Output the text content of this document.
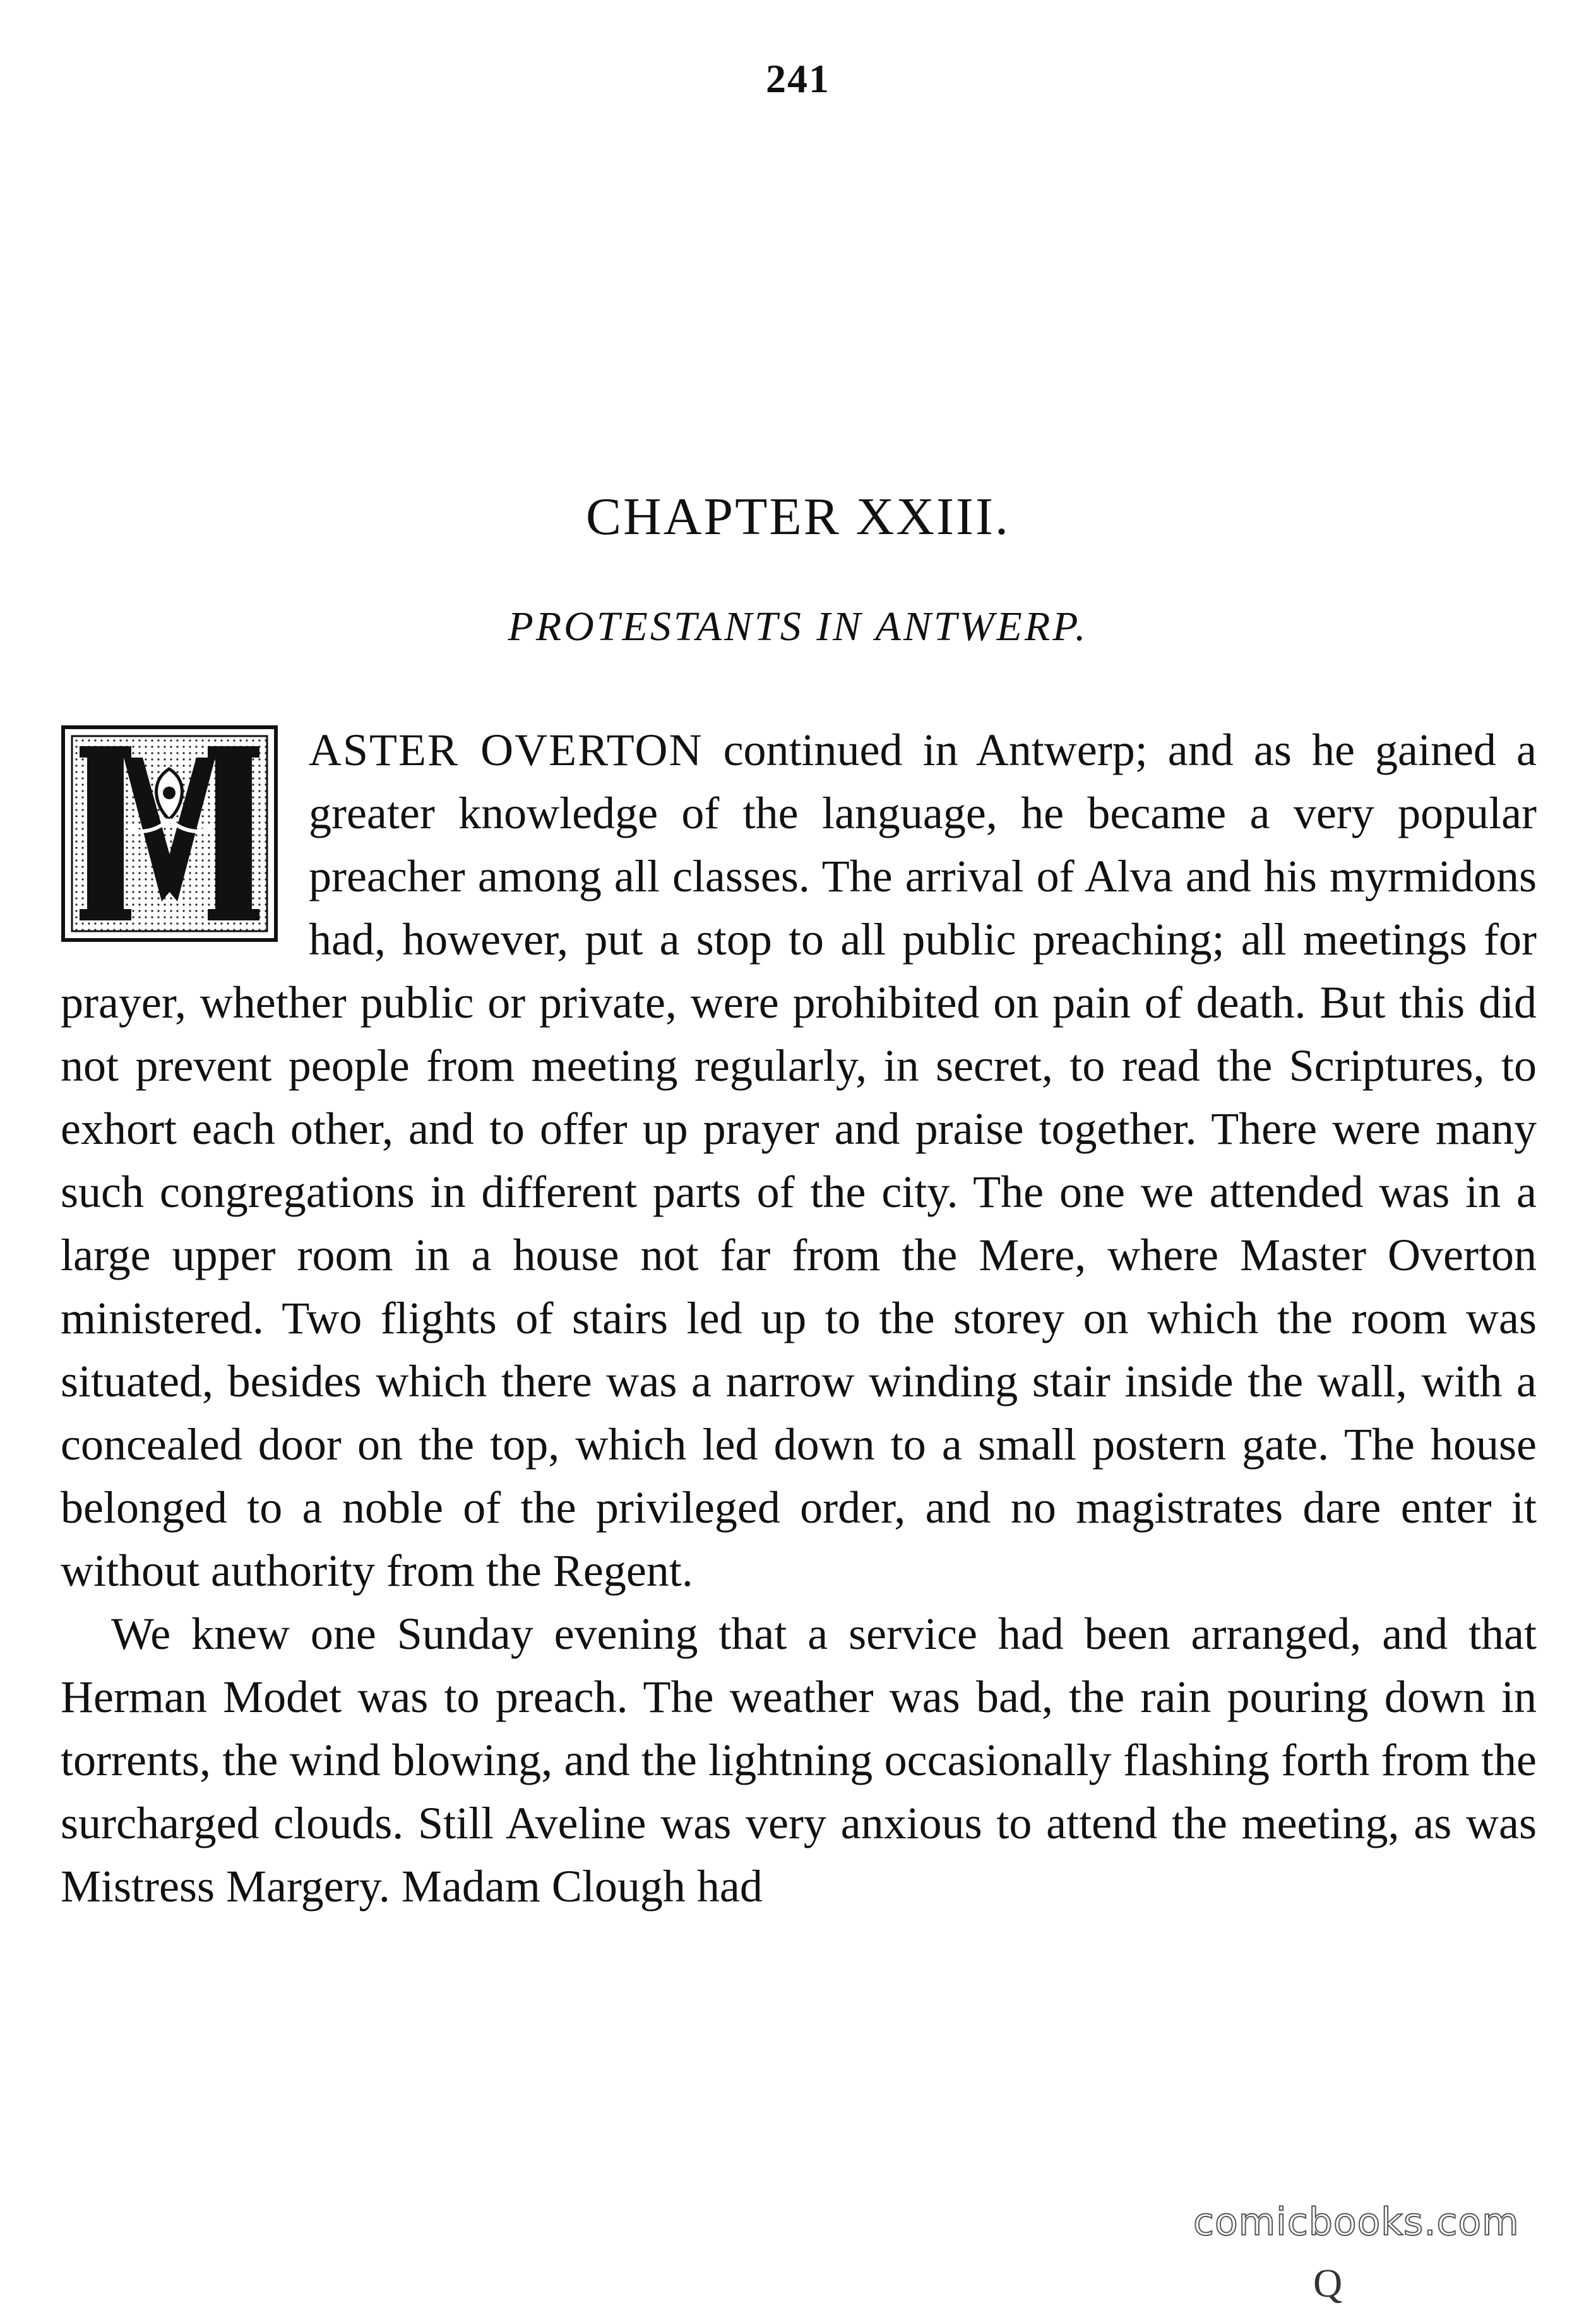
241
CHAPTER XXIII.
PROTESTANTS IN ANTWERP.

ASTER OVERTON continued in Antwerp; and as he gained a greater knowledge of the language, he became a very popular preacher among all classes. The arrival of Alva and his myrmidons had, however, put a stop to all public preaching; all meetings for prayer, whether public or private, were prohibited on pain of death. But this did not prevent people from meeting regularly, in secret, to read the Scriptures, to exhort each other, and to offer up prayer and praise together. There were many such congregations in different parts of the city. The one we attended was in a large upper room in a house not far from the Mere, where Master Overton ministered. Two flights of stairs led up to the storey on which the room was situated, besides which there was a narrow winding stair inside the wall, with a concealed door on the top, which led down to a small postern gate. The house belonged to a noble of the privileged order, and no magistrates dare enter it without authority from the Regent.

We knew one Sunday evening that a service had been arranged, and that Herman Modet was to preach. The weather was bad, the rain pouring down in torrents, the wind blowing, and the lightning occasionally flashing forth from the surcharged clouds. Still Aveline was very anxious to attend the meeting, as was Mistress Margery. Madam Clough had

Q
comicbooks.com
